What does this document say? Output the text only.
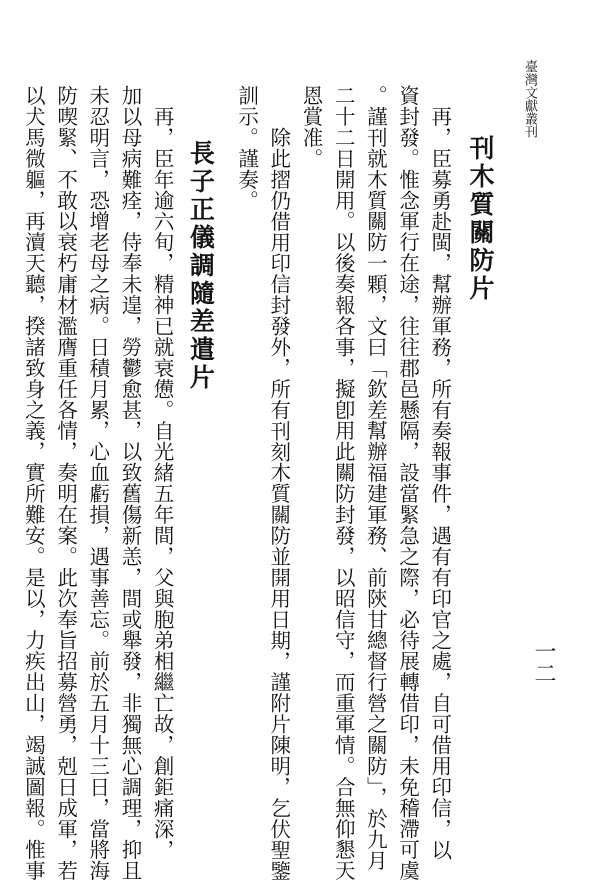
臺灣文獻叢刊
一二
刊木質關防片
再，臣募勇赴閩，幫辦軍務，所有奏報事件，遇有有印官之處，自可借用印信，以
資封發。惟念軍行在途，往往郡邑懸隔，設當緊急之際，必待展轉借印，未免稽滯可虞
。謹刊就木質關防一顆，文曰「欽差幫辦福建軍務、前陝甘總督行營之關防」，於九月
二十二日開用。以後奏報各事，擬卽用此關防封發，以昭信守，而重軍情。合無仰懇天
恩賞准。
除此摺仍借用印信封發外，所有刊刻木質關防並開用日期，謹附片陳明，乞伏聖鑒
訓示。謹奏。
長子正儀調隨差遣片
再，臣年逾六旬，精神已就衰憊。自光緒五年間，父與胞弟相繼亡故，創鉅痛深，
加以母病難痊，侍奉未遑，勞鬱愈甚，以致舊傷新恙，間或舉發，非獨無心調理，抑且
未忍明言，恐增老母之病。日積月累，心血虧損，遇事善忘。前於五月十三日，當將海
防喫緊、不敢以衰朽庸材濫膺重任各情，奏明在案。此次奉旨招募營勇，剋日成軍，若
以犬馬微軀，再瀆天聽，揆諸致身之義，實所難安。是以，力疾出山，竭誠圖報。惟事
